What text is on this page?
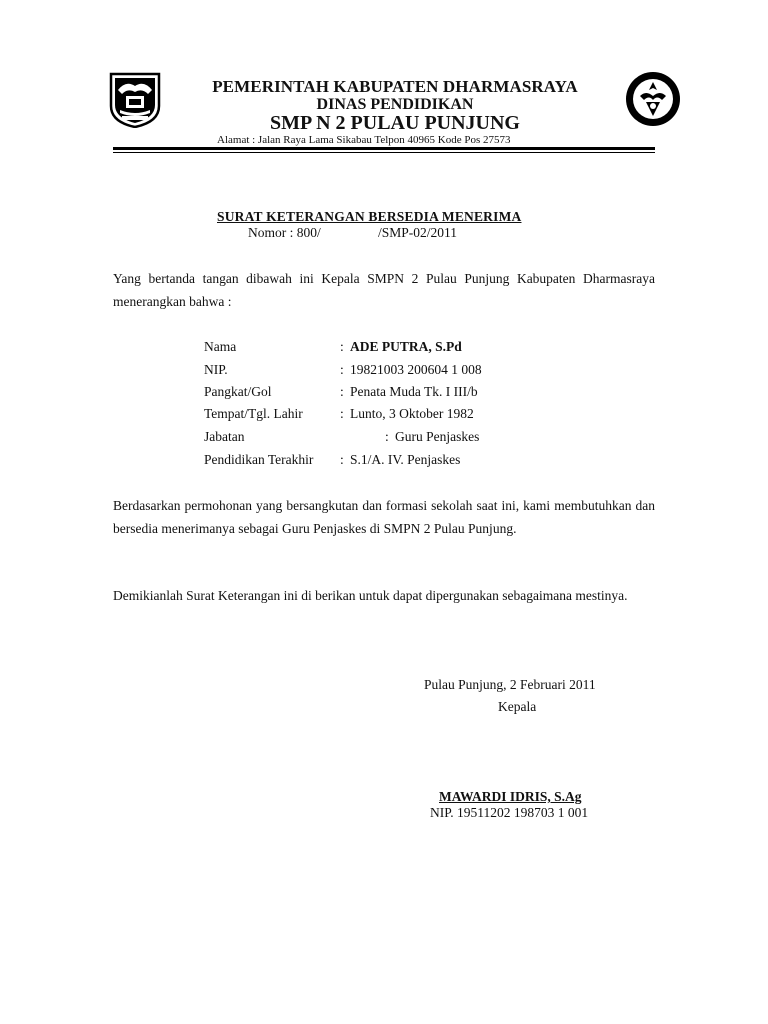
PEMERINTAH KABUPATEN DHARMASRAYA
DINAS PENDIDIKAN
SMP N 2 PULAU PUNJUNG
Alamat : Jalan Raya Lama Sikabau Telpon 40965 Kode Pos 27573
SURAT KETERANGAN BERSEDIA MENERIMA
Nomor : 800/	/SMP-02/2011
Yang bertanda tangan dibawah ini Kepala SMPN 2 Pulau Punjung Kabupaten Dharmasraya menerangkan bahwa :
Nama	: ADE PUTRA, S.Pd
NIP.	: 19821003 200604 1 008
Pangkat/Gol	: Penata Muda Tk. I III/b
Tempat/Tgl. Lahir	: Lunto, 3 Oktober 1982
Jabatan	: Guru Penjaskes
Pendidikan Terakhir : S.1/A. IV. Penjaskes
Berdasarkan permohonan yang bersangkutan dan formasi sekolah saat ini, kami membutuhkan dan bersedia menerimanya sebagai Guru Penjaskes di SMPN 2 Pulau Punjung.
Demikianlah Surat Keterangan ini di berikan untuk dapat dipergunakan sebagaimana mestinya.
Pulau Punjung, 2 Februari 2011
Kepala
MAWARDI IDRIS, S.Ag
NIP. 19511202 198703 1 001
